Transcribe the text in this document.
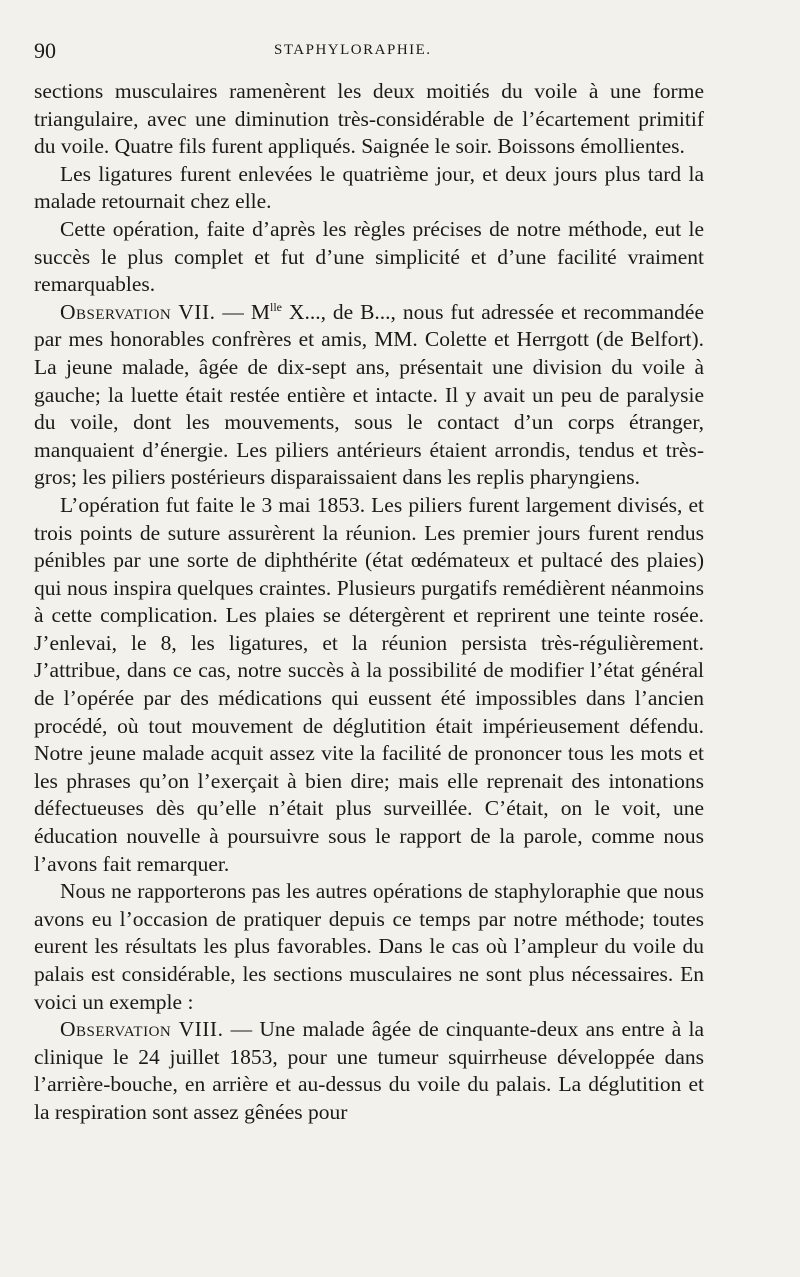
90	STAPHYLORAPHIE.

sections musculaires ramenèrent les deux moitiés du voile à une forme triangulaire, avec une diminution très-considérable de l’écartement primitif du voile. Quatre fils furent appliqués. Saignée le soir. Boissons émollientes.

Les ligatures furent enlevées le quatrième jour, et deux jours plus tard la malade retournait chez elle.

Cette opération, faite d’après les règles précises de notre méthode, eut le succès le plus complet et fut d’une simplicité et d’une facilité vraiment remarquables.

Observation VII. — $M^{lle}$ X..., de B..., nous fut adressée et recommandée par mes honorables confrères et amis, MM. Colette et Herrgott (de Belfort). La jeune malade, âgée de dix-sept ans, présentait une division du voile à gauche; la luette était restée entière et intacte. Il y avait un peu de paralysie du voile, dont les mouvements, sous le contact d’un corps étranger, manquaient d’énergie. Les piliers antérieurs étaient arrondis, tendus et très-gros; les piliers postérieurs disparaissaient dans les replis pharyngiens.

L’opération fut faite le 3 mai 1853. Les piliers furent largement divisés, et trois points de suture assurèrent la réunion. Les premier jours furent rendus pénibles par une sorte de diphthérite (état œdémateux et pultacé des plaies) qui nous inspira quelques craintes. Plusieurs purgatifs remédièrent néanmoins à cette complication. Les plaies se détergèrent et reprirent une teinte rosée. J’enlevai, le 8, les ligatures, et la réunion persista très-régulièrement. J’attribue, dans ce cas, notre succès à la possibilité de modifier l’état général de l’opérée par des médications qui eussent été impossibles dans l’ancien procédé, où tout mouvement de déglutition était impérieusement défendu. Notre jeune malade acquit assez vite la facilité de prononcer tous les mots et les phrases qu’on l’exerçait à bien dire; mais elle reprenait des intonations défectueuses dès qu’elle n’était plus surveillée. C’était, on le voit, une éducation nouvelle à poursuivre sous le rapport de la parole, comme nous l’avons fait remarquer.

Nous ne rapporterons pas les autres opérations de staphyloraphie que nous avons eu l’occasion de pratiquer depuis ce temps par notre méthode; toutes eurent les résultats les plus favorables. Dans le cas où l’ampleur du voile du palais est considérable, les sections musculaires ne sont plus nécessaires. En voici un exemple :

Observation VIII. — Une malade âgée de cinquante-deux ans entre à la clinique le 24 juillet 1853, pour une tumeur squirrheuse développée dans l’arrière-bouche, en arrière et au-dessus du voile du palais. La déglutition et la respiration sont assez gênées pour
